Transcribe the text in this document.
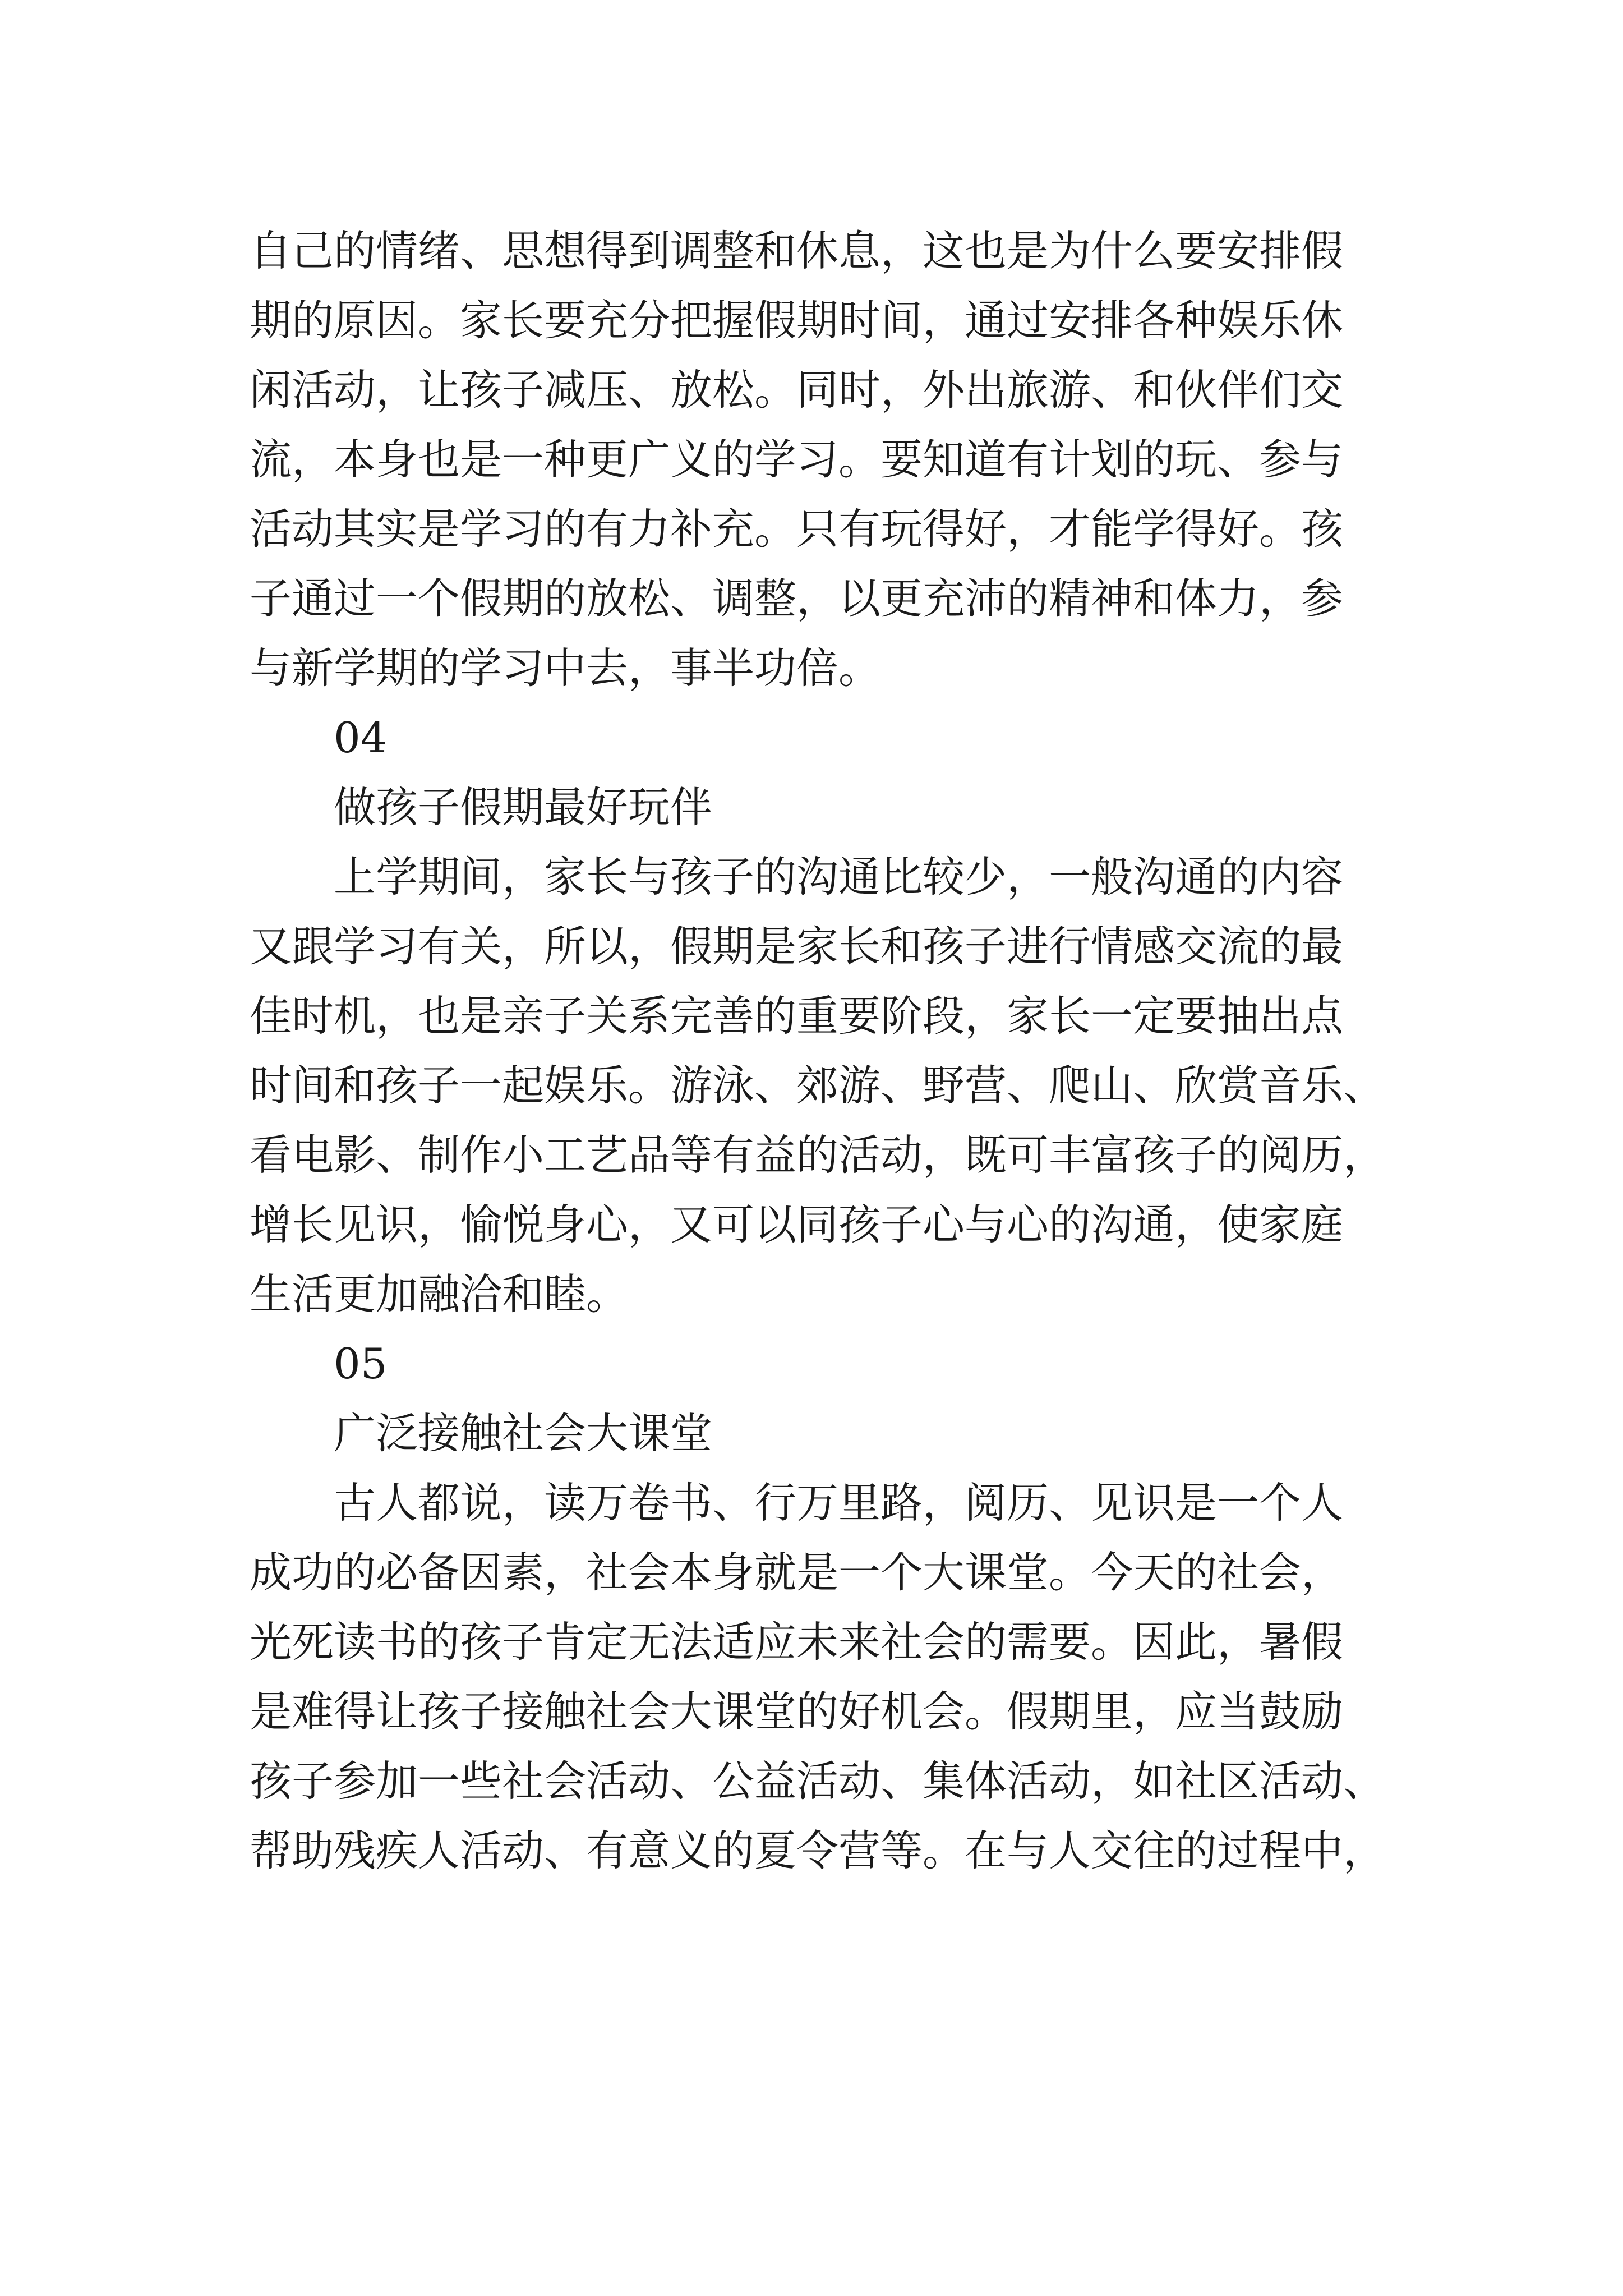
自己的情绪、思想得到调整和休息，这也是为什么要安排假
期的原因。家长要充分把握假期时间，通过安排各种娱乐休
闲活动，让孩子减压、放松。同时，外出旅游、和伙伴们交
流，本身也是一种更广义的学习。要知道有计划的玩、参与
活动其实是学习的有力补充。只有玩得好，才能学得好。孩
子通过一个假期的放松、调整，以更充沛的精神和体力，参
与新学期的学习中去，事半功倍。
04
做孩子假期最好玩伴
上学期间，家长与孩子的沟通比较少，一般沟通的内容
又跟学习有关，所以，假期是家长和孩子进行情感交流的最
佳时机，也是亲子关系完善的重要阶段，家长一定要抽出点
时间和孩子一起娱乐。游泳、郊游、野营、爬山、欣赏音乐、
看电影、制作小工艺品等有益的活动，既可丰富孩子的阅历，
增长见识，愉悦身心，又可以同孩子心与心的沟通，使家庭
生活更加融洽和睦。
05
广泛接触社会大课堂
古人都说，读万卷书、行万里路，阅历、见识是一个人
成功的必备因素，社会本身就是一个大课堂。今天的社会，
光死读书的孩子肯定无法适应未来社会的需要。因此，暑假
是难得让孩子接触社会大课堂的好机会。假期里，应当鼓励
孩子参加一些社会活动、公益活动、集体活动，如社区活动、
帮助残疾人活动、有意义的夏令营等。在与人交往的过程中，
